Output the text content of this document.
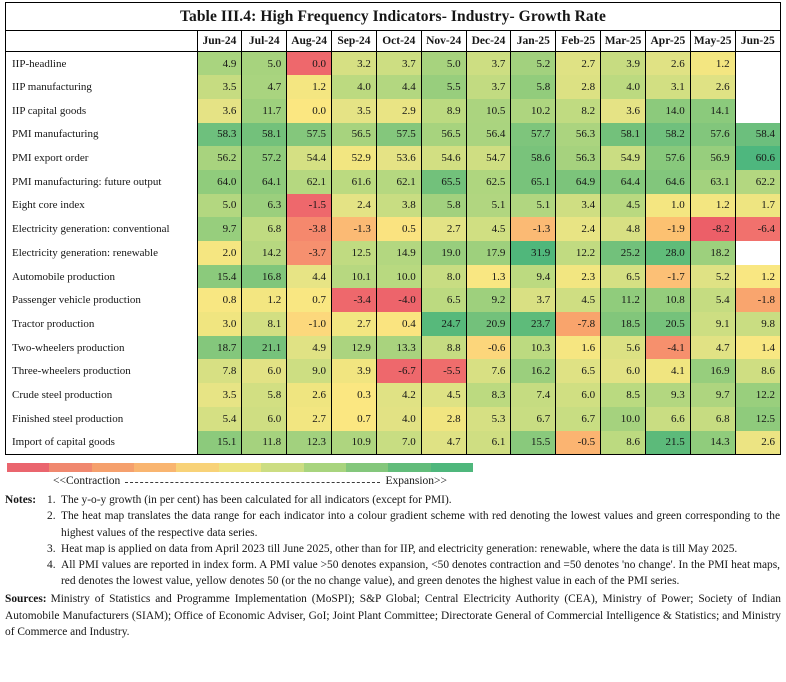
Table III.4: High Frequency Indicators- Industry- Growth Rate
	Jun-24	Jul-24	Aug-24	Sep-24	Oct-24	Nov-24	Dec-24	Jan-25	Feb-25	Mar-25	Apr-25	May-25	Jun-25
IIP-headline	4.9	5.0	0.0	3.2	3.7	5.0	3.7	5.2	2.7	3.9	2.6	1.2	

IIP manufacturing	3.5	4.7	1.2	4.0	4.4	5.5	3.7	5.8	2.8	4.0	3.1	2.6	

IIP capital goods	3.6	11.7	0.0	3.5	2.9	8.9	10.5	10.2	8.2	3.6	14.0	14.1	

PMI manufacturing	58.3	58.1	57.5	56.5	57.5	56.5	56.4	57.7	56.3	58.1	58.2	57.6	58.4

PMI export order	56.2	57.2	54.4	52.9	53.6	54.6	54.7	58.6	56.3	54.9	57.6	56.9	60.6

PMI manufacturing: future output	64.0	64.1	62.1	61.6	62.1	65.5	62.5	65.1	64.9	64.4	64.6	63.1	62.2

Eight core index	5.0	6.3	-1.5	2.4	3.8	5.8	5.1	5.1	3.4	4.5	1.0	1.2	1.7

Electricity generation: conventional	9.7	6.8	-3.8	-1.3	0.5	2.7	4.5	-1.3	2.4	4.8	-1.9	-8.2	-6.4

Electricity generation: renewable	2.0	14.2	-3.7	12.5	14.9	19.0	17.9	31.9	12.2	25.2	28.0	18.2	

Automobile production	15.4	16.8	4.4	10.1	10.0	8.0	1.3	9.4	2.3	6.5	-1.7	5.2	1.2

Passenger vehicle production	0.8	1.2	0.7	-3.4	-4.0	6.5	9.2	3.7	4.5	11.2	10.8	5.4	-1.8

Tractor production	3.0	8.1	-1.0	2.7	0.4	24.7	20.9	23.7	-7.8	18.5	20.5	9.1	9.8

Two-wheelers production	18.7	21.1	4.9	12.9	13.3	8.8	-0.6	10.3	1.6	5.6	-4.1	4.7	1.4

Three-wheelers production	7.8	6.0	9.0	3.9	-6.7	-5.5	7.6	16.2	6.5	6.0	4.1	16.9	8.6

Crude steel production	3.5	5.8	2.6	0.3	4.2	4.5	8.3	7.4	6.0	8.5	9.3	9.7	12.2

Finished steel production	5.4	6.0	2.7	0.7	4.0	2.8	5.3	6.7	6.7	10.0	6.6	6.8	12.5

Import of capital goods	15.1	11.8	12.3	10.9	7.0	4.7	6.1	15.5	-0.5	8.6	21.5	14.3	2.6
<<Contraction	Expansion>>
Notes: 1. The y-o-y growth (in per cent) has been calculated for all indicators (except for PMI).
2. The heat map translates the data range for each indicator into a colour gradient scheme with red denoting the lowest values and green corresponding to the highest values of the respective data series.
3. Heat map is applied on data from April 2023 till June 2025, other than for IIP, and electricity generation: renewable, where the data is till May 2025.
4. All PMI values are reported in index form. A PMI value >50 denotes expansion, <50 denotes contraction and =50 denotes 'no change'. In the PMI heat maps, red denotes the lowest value, yellow denotes 50 (or the no change value), and green denotes the highest value in each of the PMI series.
Sources: Ministry of Statistics and Programme Implementation (MoSPI); S&P Global; Central Electricity Authority (CEA), Ministry of Power; Society of Indian Automobile Manufacturers (SIAM); Office of Economic Adviser, GoI; Joint Plant Committee; Directorate General of Commercial Intelligence & Statistics; and Ministry of Commerce and Industry.
